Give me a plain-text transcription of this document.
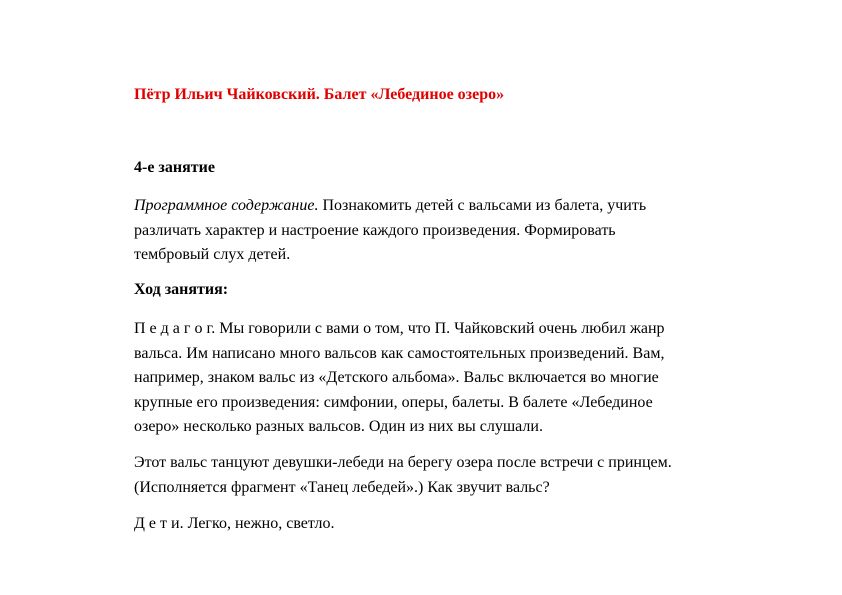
Пётр Ильич Чайковский. Балет «Лебединое озеро»
4-е занятие
Программное содержание. Познакомить детей с вальсами из балета, учить
различать характер и настроение каждого произведения. Формировать
тембровый слух детей.
Ход занятия:
П е д а г о г. Мы говорили с вами о том, что П. Чайковский очень любил жанр
вальса. Им написано много вальсов как самостоятельных произведений. Вам,
например, знаком вальс из «Детского альбома». Вальс включается во многие
крупные его произведения: симфонии, оперы, балеты. В балете «Лебединое
озеро» несколько разных вальсов. Один из них вы слушали.
Этот вальс танцуют девушки-лебеди на берегу озера после встречи с принцем.
(Исполняется фрагмент «Танец лебедей».) Как звучит вальс?
Д е т и. Легко, нежно, светло.
